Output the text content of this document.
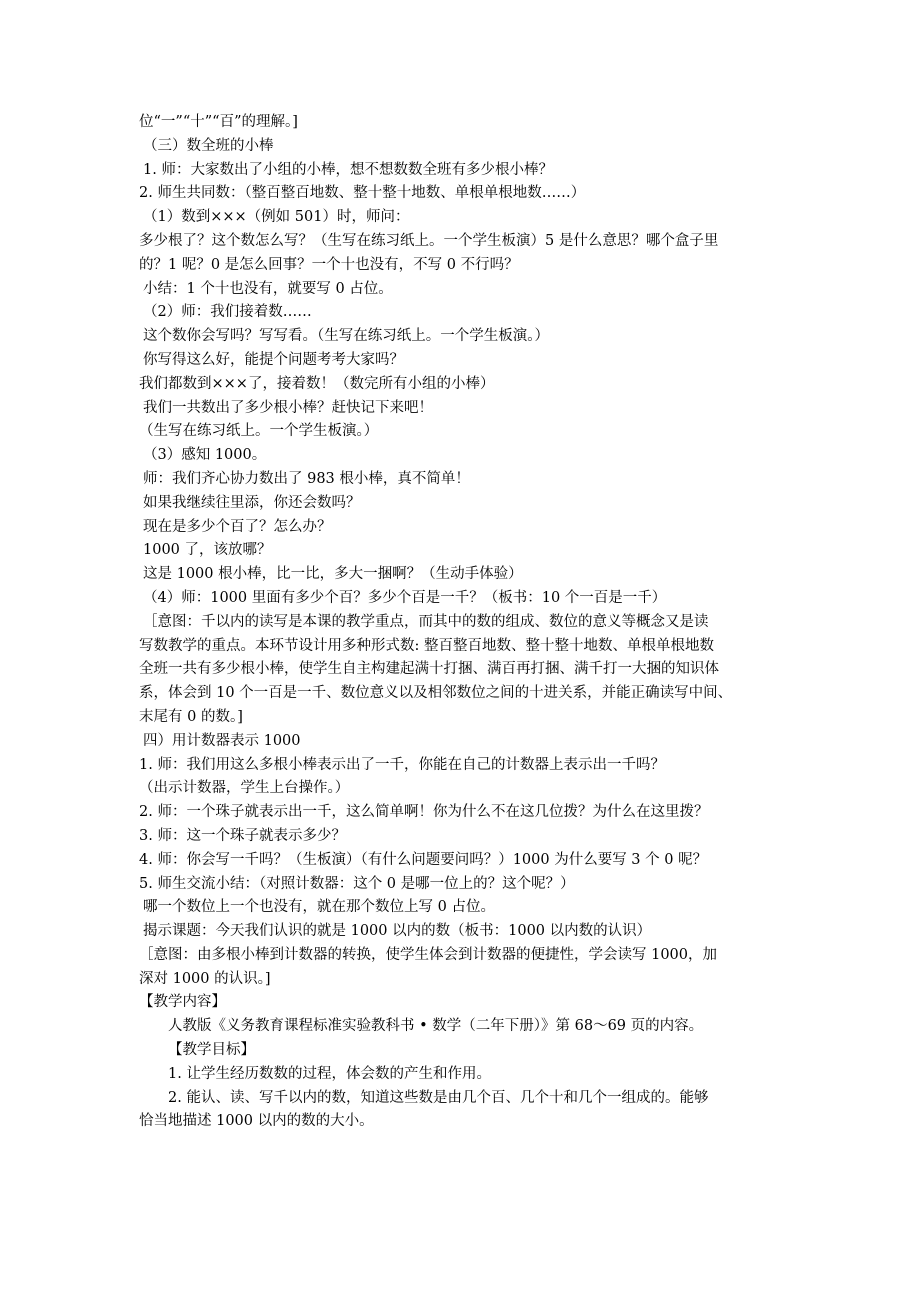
位“一”“十”“百”的理解。]
（三）数全班的小棒
1. 师：大家数出了小组的小棒，想不想数数全班有多少根小棒？
2. 师生共同数：（整百整百地数、整十整十地数、单根单根地数……）
（1）数到×××（例如 501）时，师问：
多少根了？这个数怎么写？（生写在练习纸上。一个学生板演）5 是什么意思？哪个盒子里
的？1 呢？0 是怎么回事？一个十也没有，不写 0 不行吗？
小结：1 个十也没有，就要写 0 占位。
（2）师：我们接着数……
这个数你会写吗？写写看。（生写在练习纸上。一个学生板演。）
你写得这么好，能提个问题考考大家吗？
我们都数到×××了，接着数！（数完所有小组的小棒）
我们一共数出了多少根小棒？赶快记下来吧！
（生写在练习纸上。一个学生板演。）
（3）感知 1000。
师：我们齐心协力数出了 983 根小棒，真不简单！
如果我继续往里添，你还会数吗？
现在是多少个百了？怎么办？
1000 了，该放哪？
这是 1000 根小棒，比一比，多大一捆啊？（生动手体验）
（4）师：1000 里面有多少个百？多少个百是一千？（板书：10 个一百是一千）
［意图：千以内的读写是本课的教学重点，而其中的数的组成、数位的意义等概念又是读
写数教学的重点。本环节设计用多种形式数: 整百整百地数、整十整十地数、单根单根地数
全班一共有多少根小棒，使学生自主构建起满十打捆、满百再打捆、满千打一大捆的知识体
系，体会到 10 个一百是一千、数位意义以及相邻数位之间的十进关系，并能正确读写中间、
末尾有 0 的数。]
四）用计数器表示 1000
1. 师：我们用这么多根小棒表示出了一千，你能在自己的计数器上表示出一千吗？
（出示计数器，学生上台操作。）
2. 师：一个珠子就表示出一千，这么简单啊！你为什么不在这几位拨？为什么在这里拨？
3. 师：这一个珠子就表示多少？
4. 师：你会写一千吗？（生板演）（有什么问题要问吗？）1000 为什么要写 3 个 0 呢？
5. 师生交流小结：（对照计数器：这个 0 是哪一位上的？这个呢？）
哪一个数位上一个也没有，就在那个数位上写 0 占位。
揭示课题：今天我们认识的就是 1000 以内的数（板书：1000 以内数的认识）
［意图：由多根小棒到计数器的转换，使学生体会到计数器的便捷性，学会读写 1000，加
深对 1000 的认识。]
【教学内容】
人教版《义务教育课程标准实验教科书 • 数学（二年下册）》第 68～69 页的内容。
【教学目标】
1. 让学生经历数数的过程，体会数的产生和作用。
2. 能认、读、写千以内的数，知道这些数是由几个百、几个十和几个一组成的。能够
恰当地描述 1000 以内的数的大小。
